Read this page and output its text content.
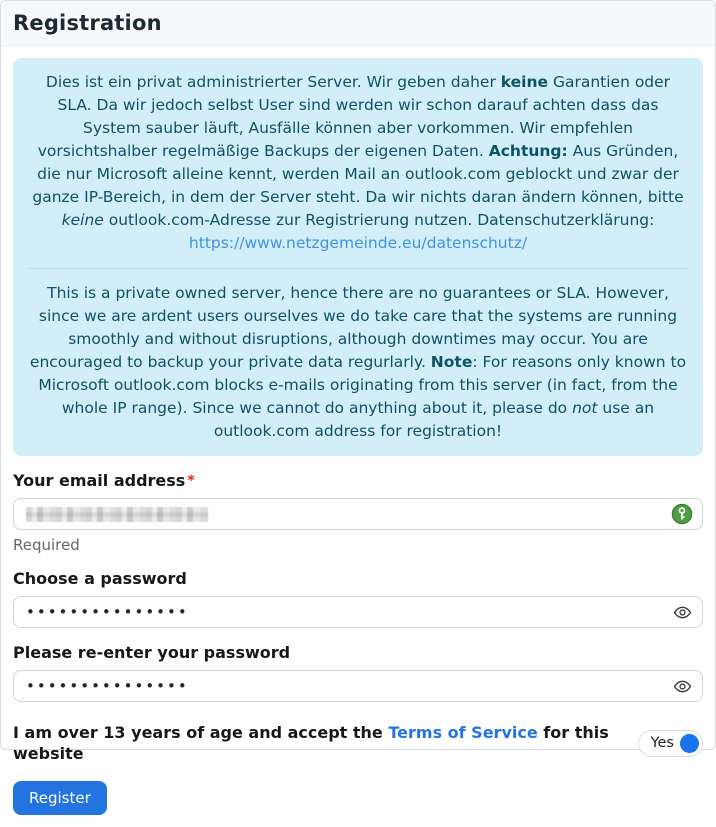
Registration

Dies ist ein privat administrierter Server. Wir geben daher keine Garantien oder SLA. Da wir jedoch selbst User sind werden wir schon darauf achten dass das System sauber läuft, Ausfälle können aber vorkommen. Wir empfehlen vorsichtshalber regelmäßige Backups der eigenen Daten. Achtung: Aus Gründen, die nur Microsoft alleine kennt, werden Mail an outlook.com geblockt und zwar der ganze IP-Bereich, in dem der Server steht. Da wir nichts daran ändern können, bitte keine outlook.com-Adresse zur Registrierung nutzen. Datenschutzerklärung: https://www.netzgemeinde.eu/datenschutz/

This is a private owned server, hence there are no guarantees or SLA. However, since we are ardent users ourselves we do take care that the systems are running smoothly and without disruptions, although downtimes may occur. You are encouraged to backup your private data regurlarly. Note: For reasons only known to Microsoft outlook.com blocks e-mails originating from this server (in fact, from the whole IP range). Since we cannot do anything about it, please do not use an outlook.com address for registration!

Your email address *
Required
Choose a password
•••••••••••••••
Please re-enter your password
•••••••••••••••
I am over 13 years of age and accept the Terms of Service for this website
Yes
Register
